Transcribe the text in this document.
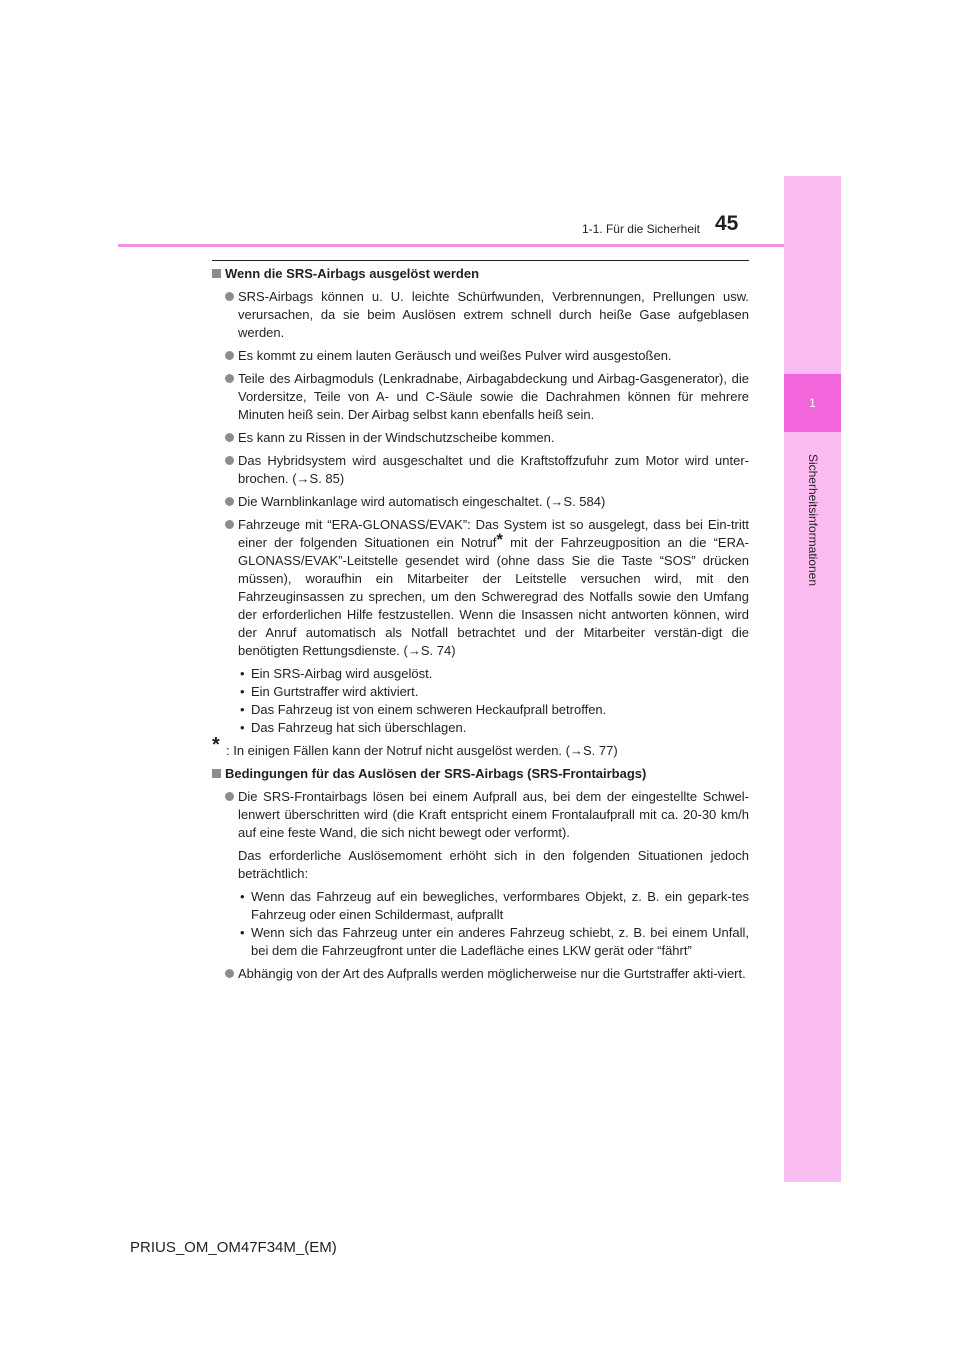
1
Sicherheitsinformationen
1-1. Für die Sicherheit 45
Wenn die SRS-Airbags ausgelöst werden
SRS-Airbags können u. U. leichte Schürfwunden, Verbrennungen, Prellungen usw. verursachen, da sie beim Auslösen extrem schnell durch heiße Gase aufgeblasen werden.
Es kommt zu einem lauten Geräusch und weißes Pulver wird ausgestoßen.
Teile des Airbagmoduls (Lenkradnabe, Airbagabdeckung und Airbag-Gasgenerator), die Vordersitze, Teile von A- und C-Säule sowie die Dachrahmen können für mehrere Minuten heiß sein. Der Airbag selbst kann ebenfalls heiß sein.
Es kann zu Rissen in der Windschutzscheibe kommen.
Das Hybridsystem wird ausgeschaltet und die Kraftstoffzufuhr zum Motor wird unter-brochen. (→S. 85)
Die Warnblinkanlage wird automatisch eingeschaltet. (→S. 584)
Fahrzeuge mit “ERA-GLONASS/EVAK”: Das System ist so ausgelegt, dass bei Ein-tritt einer der folgenden Situationen ein Notruf* mit der Fahrzeugposition an die “ERA-GLONASS/EVAK”-Leitstelle gesendet wird (ohne dass Sie die Taste “SOS” drücken müssen), woraufhin ein Mitarbeiter der Leitstelle versuchen wird, mit den Fahrzeuginsassen zu sprechen, um den Schweregrad des Notfalls sowie den Umfang der erforderlichen Hilfe festzustellen. Wenn die Insassen nicht antworten können, wird der Anruf automatisch als Notfall betrachtet und der Mitarbeiter verstän-digt die benötigten Rettungsdienste. (→S. 74)
• Ein SRS-Airbag wird ausgelöst.
• Ein Gurtstraffer wird aktiviert.
• Das Fahrzeug ist von einem schweren Heckaufprall betroffen.
• Das Fahrzeug hat sich überschlagen.
* : In einigen Fällen kann der Notruf nicht ausgelöst werden. (→S. 77)
Bedingungen für das Auslösen der SRS-Airbags (SRS-Frontairbags)
Die SRS-Frontairbags lösen bei einem Aufprall aus, bei dem der eingestellte Schwel-lenwert überschritten wird (die Kraft entspricht einem Frontalaufprall mit ca. 20-30 km/h auf eine feste Wand, die sich nicht bewegt oder verformt).
Das erforderliche Auslösemoment erhöht sich in den folgenden Situationen jedoch beträchtlich:
• Wenn das Fahrzeug auf ein bewegliches, verformbares Objekt, z. B. ein gepark-tes Fahrzeug oder einen Schildermast, aufprallt
• Wenn sich das Fahrzeug unter ein anderes Fahrzeug schiebt, z. B. bei einem Unfall, bei dem die Fahrzeugfront unter die Ladefläche eines LKW gerät oder “fährt”
Abhängig von der Art des Aufpralls werden möglicherweise nur die Gurtstraffer akti-viert.
PRIUS_OM_OM47F34M_(EM)
